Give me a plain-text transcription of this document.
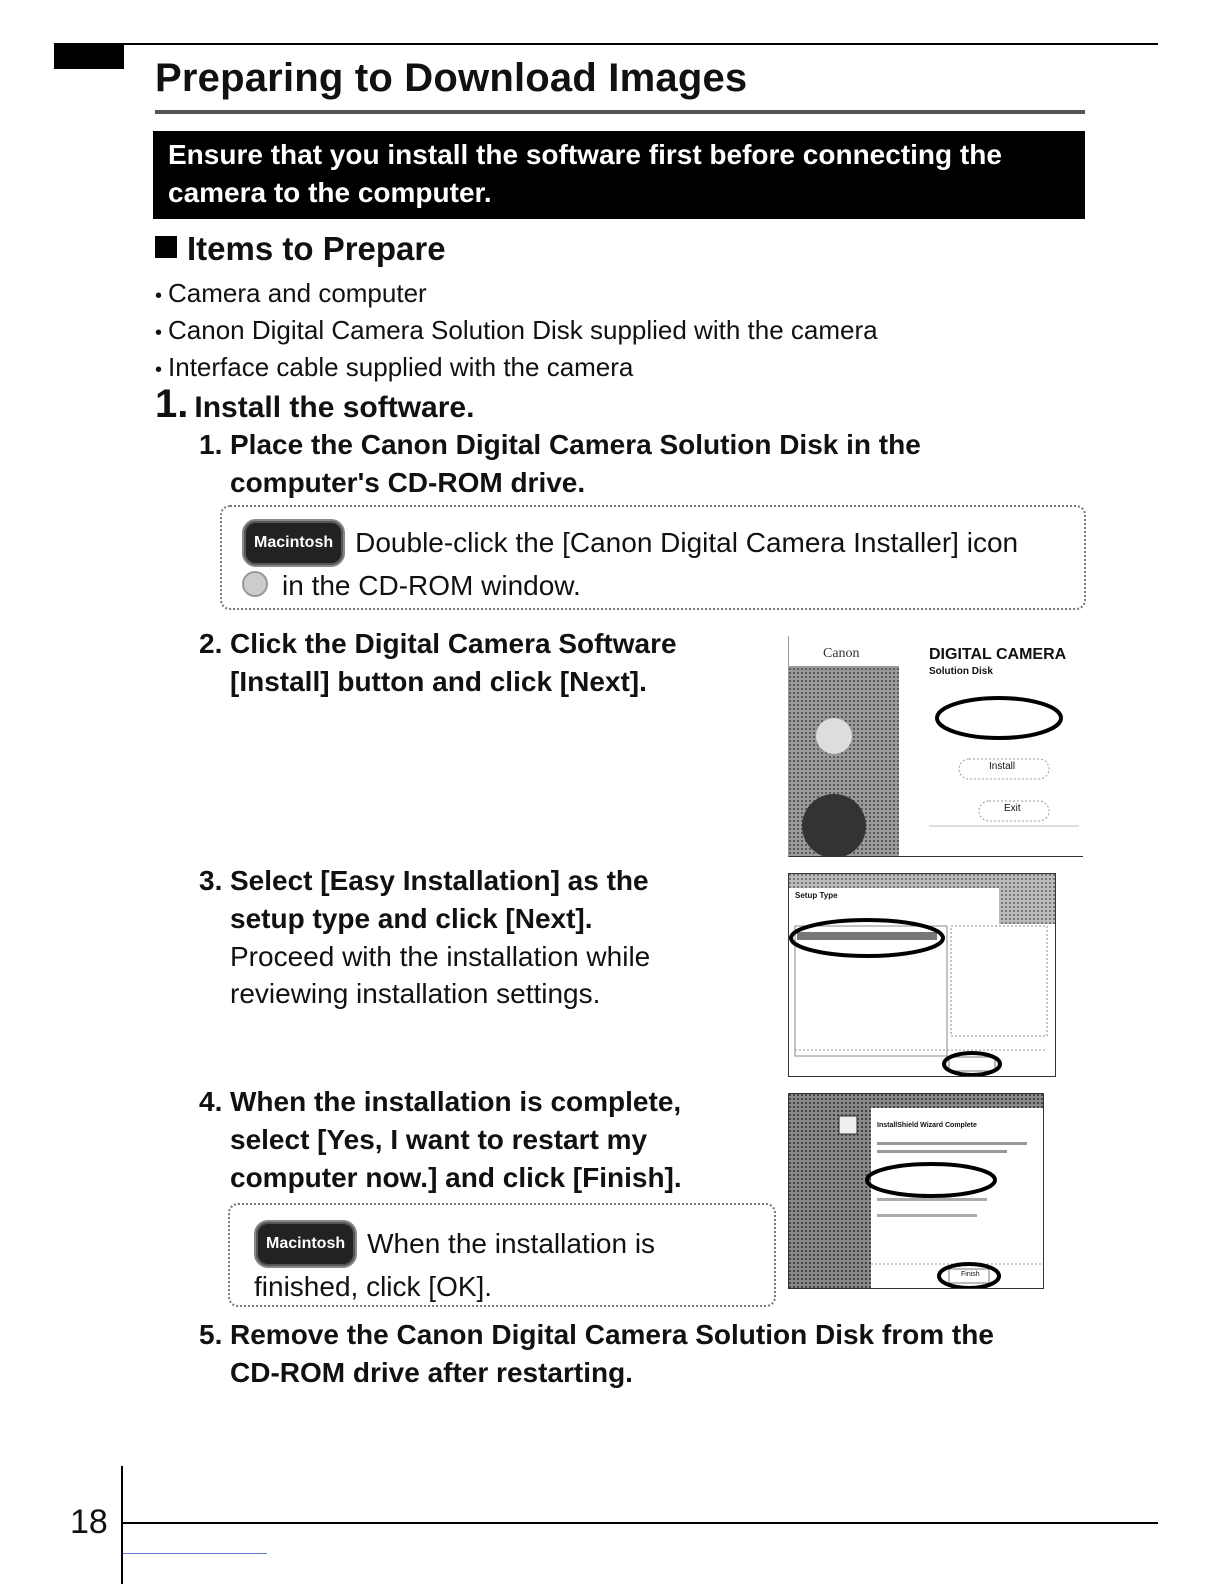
Preparing to Download Images
Ensure that you install the software first before connecting the camera to the computer.
Items to Prepare
• Camera and computer
• Canon Digital Camera Solution Disk supplied with the camera
• Interface cable supplied with the camera
1. Install the software.
1. Place the Canon Digital Camera Solution Disk in the
computer's CD-ROM drive.
Macintosh Double-click the [Canon Digital Camera Installer] icon
in the CD-ROM window.
2. Click the Digital Camera Software
[Install] button and click [Next].
Canon	DIGITAL CAMERA
Solution Disk
Install
Exit
3. Select [Easy Installation] as the
setup type and click [Next].
Proceed with the installation while
reviewing installation settings.
Setup Type
4. When the installation is complete,
select [Yes, I want to restart my
computer now.] and click [Finish].
Macintosh When the installation is
finished, click [OK].
InstallShield Wizard Complete
Finish
5. Remove the Canon Digital Camera Solution Disk from the
CD-ROM drive after restarting.
18
